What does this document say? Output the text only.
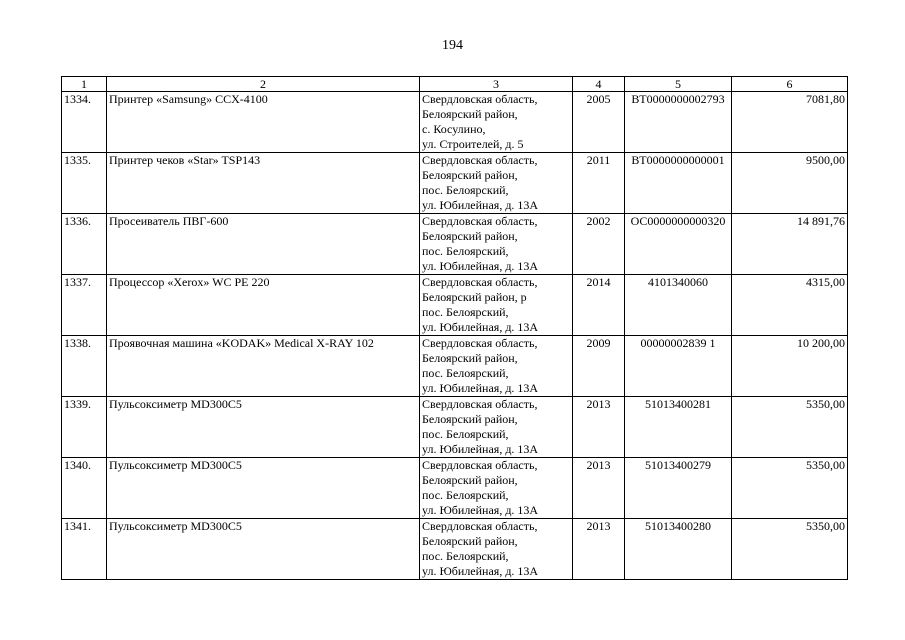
194
1	2	3	4	5	6
1334.	Принтер «Samsung» CCX-4100	Свердловская область,
Белоярский район,
с. Косулино,
ул. Строителей, д. 5	2005	ВТ0000000002793	7081,80
1335.	Принтер чеков «Star» TSP143	Свердловская область,
Белоярский район,
пос. Белоярский,
ул. Юбилейная, д. 13А	2011	ВТ0000000000001	9500,00
1336.	Просеиватель ПВГ-600	Свердловская область,
Белоярский район,
пос. Белоярский,
ул. Юбилейная, д. 13А	2002	ОС0000000000320	14 891,76
1337.	Процессор «Xerox» WC PE 220	Свердловская область,
Белоярский район, р
пос. Белоярский,
ул. Юбилейная, д. 13А	2014	4101340060	4315,00
1338.	Проявочная машина «KODAK» Medical X-RAY 102	Свердловская область,
Белоярский район,
пос. Белоярский,
ул. Юбилейная, д. 13А	2009	00000002839 1	10 200,00
1339.	Пульсоксиметр MD300C5	Свердловская область,
Белоярский район,
пос. Белоярский,
ул. Юбилейная, д. 13А	2013	51013400281	5350,00
1340.	Пульсоксиметр MD300C5	Свердловская область,
Белоярский район,
пос. Белоярский,
ул. Юбилейная, д. 13А	2013	51013400279	5350,00
1341.	Пульсоксиметр MD300C5	Свердловская область,
Белоярский район,
пос. Белоярский,
ул. Юбилейная, д. 13А	2013	51013400280	5350,00
